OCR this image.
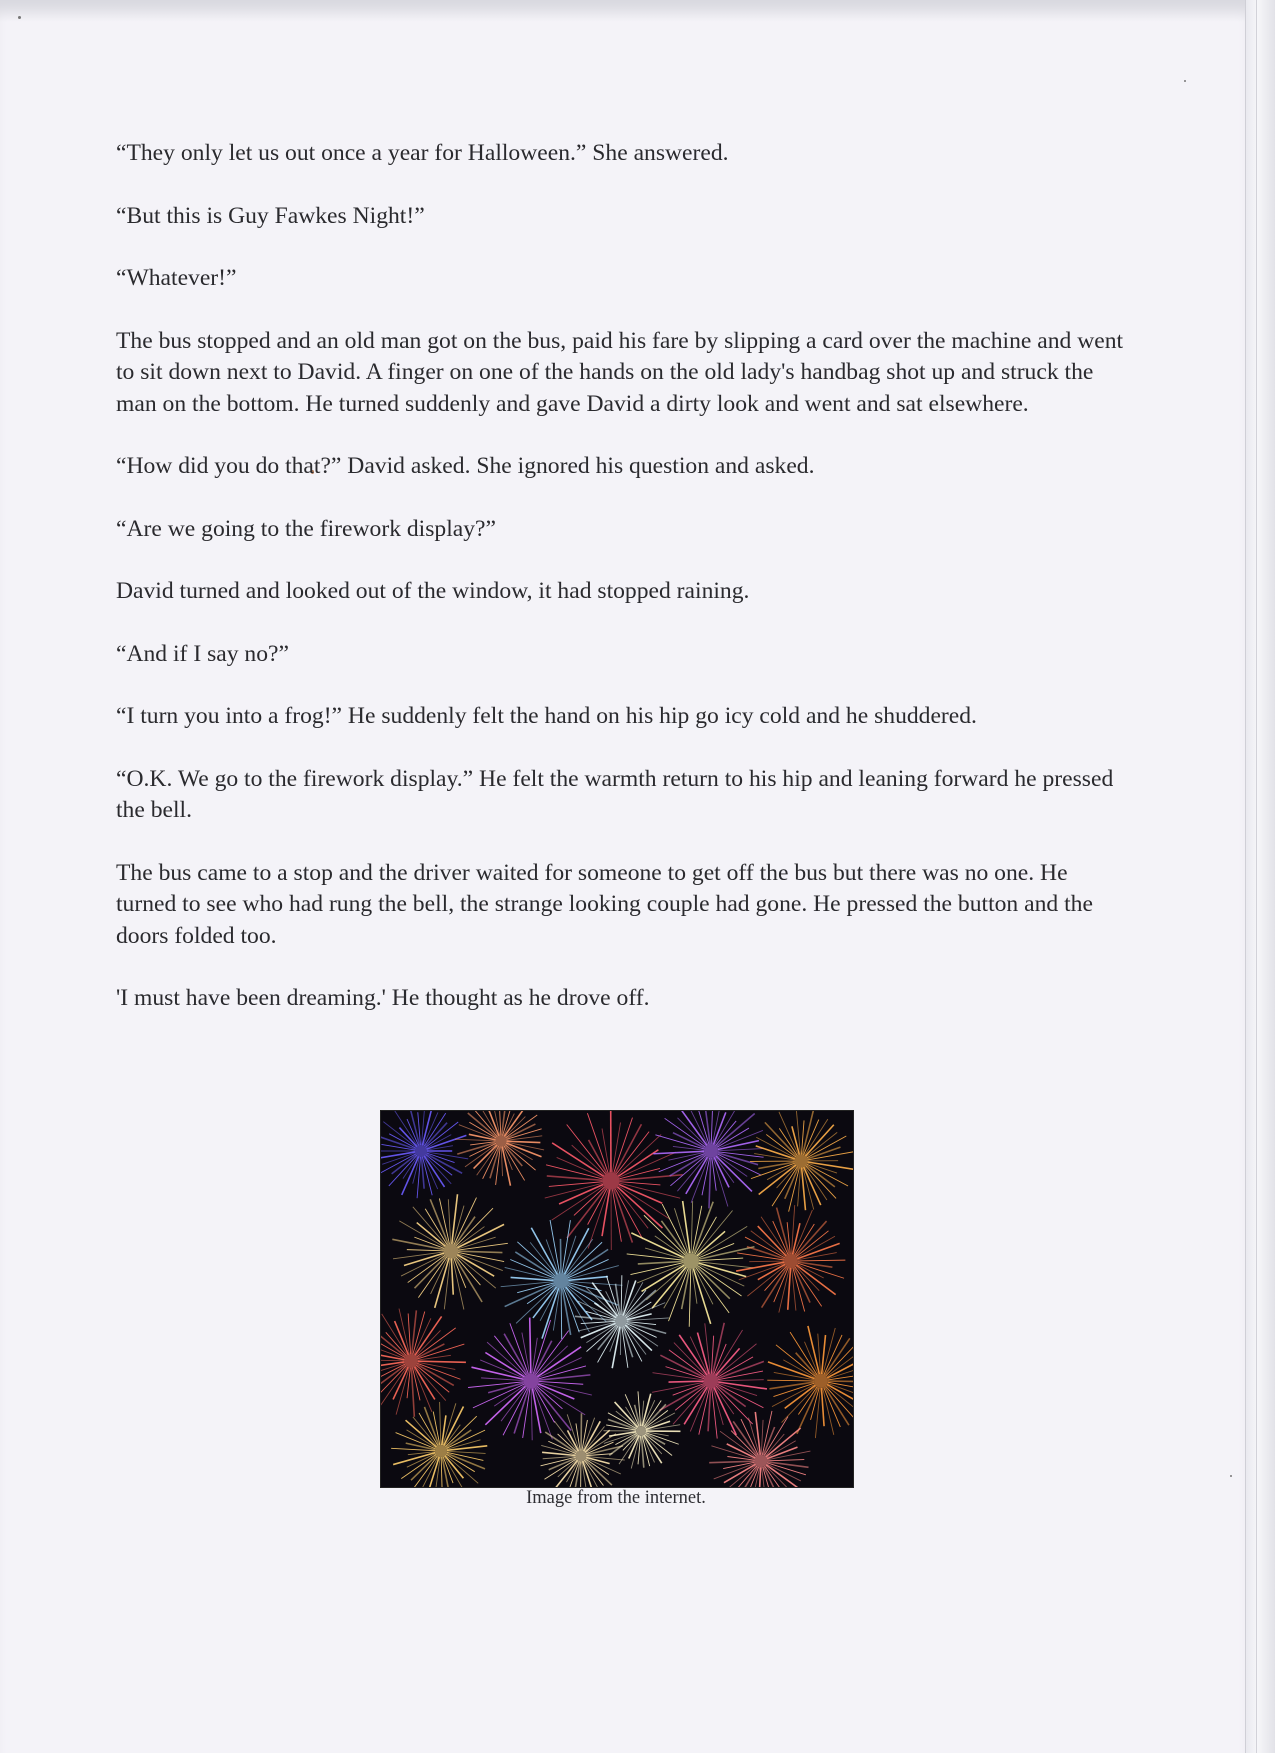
“They only let us out once a year for Halloween.” She answered.

“But this is Guy Fawkes Night!”

“Whatever!”

The bus stopped and an old man got on the bus, paid his fare by slipping a card over the machine and went to sit down next to David. A finger on one of the hands on the old lady's handbag shot up and struck the man on the bottom. He turned suddenly and gave David a dirty look and went and sat elsewhere.

“How did you do that?” David asked. She ignored his question and asked.

“Are we going to the firework display?”

David turned and looked out of the window, it had stopped raining.

“And if I say no?”

“I turn you into a frog!” He suddenly felt the hand on his hip go icy cold and he shuddered.

“O.K. We go to the firework display.” He felt the warmth return to his hip and leaning forward he pressed the bell.

The bus came to a stop and the driver waited for someone to get off the bus but there was no one. He turned to see who had rung the bell, the strange looking couple had gone. He pressed the button and the doors folded too.

'I must have been dreaming.' He thought as he drove off.

Image from the internet.
